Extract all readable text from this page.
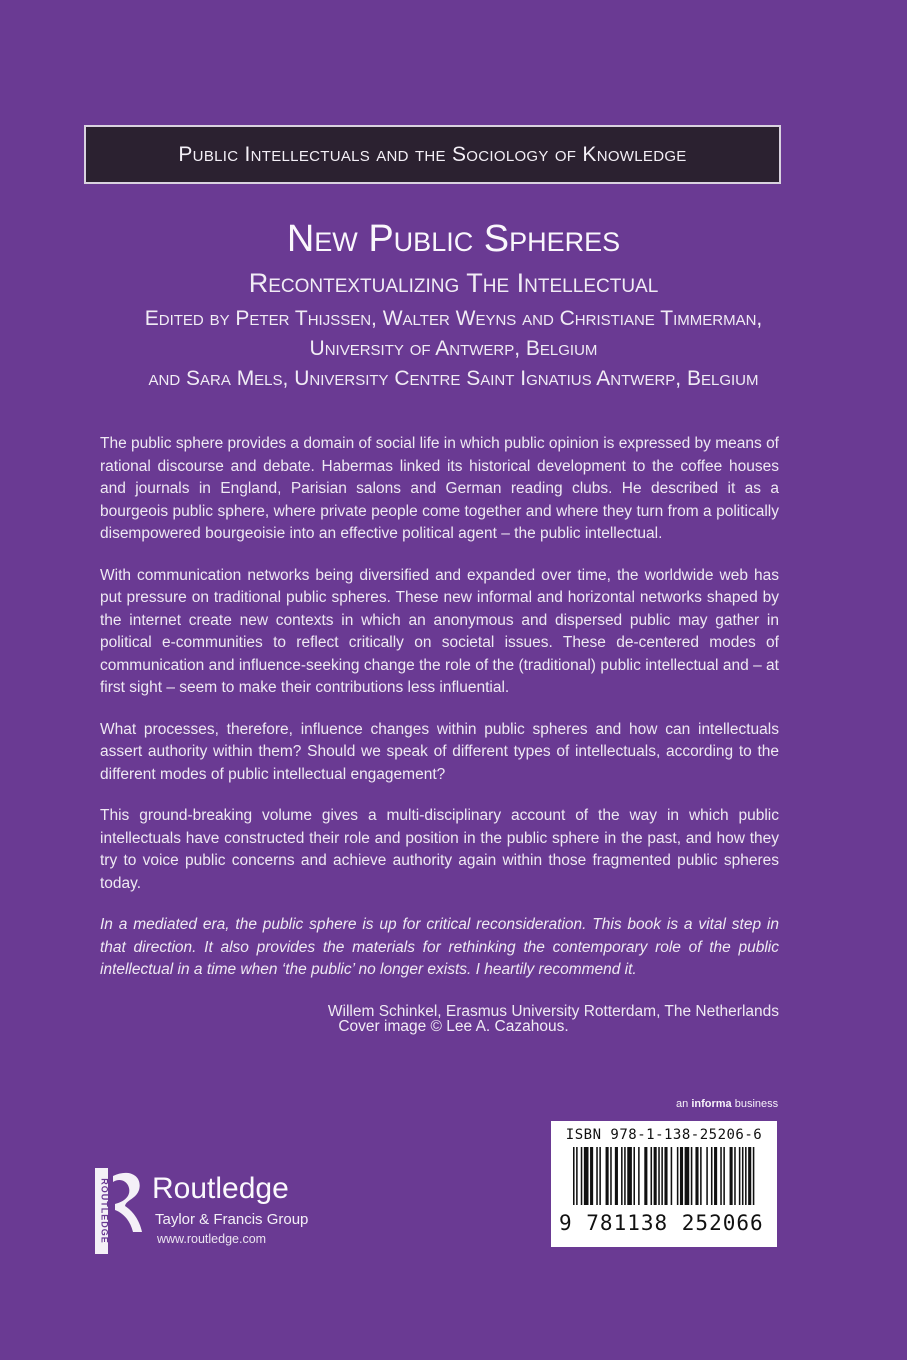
Public Intellectuals and the Sociology of Knowledge
New Public Spheres
Recontextualizing The Intellectual
Edited by Peter Thijssen, Walter Weyns and Christiane Timmerman,
University of Antwerp, Belgium
and Sara Mels, University Centre Saint Ignatius Antwerp, Belgium

The public sphere provides a domain of social life in which public opinion is expressed by means of rational discourse and debate. Habermas linked its historical development to the coffee houses and journals in England, Parisian salons and German reading clubs. He described it as a bourgeois public sphere, where private people come together and where they turn from a politically disempowered bourgeoisie into an effective political agent – the public intellectual.

With communication networks being diversified and expanded over time, the worldwide web has put pressure on traditional public spheres. These new informal and horizontal networks shaped by the internet create new contexts in which an anonymous and dispersed public may gather in political e-communities to reflect critically on societal issues. These de-centered modes of communication and influence-seeking change the role of the (traditional) public intellectual and – at first sight – seem to make their contributions less influential.

What processes, therefore, influence changes within public spheres and how can intellectuals assert authority within them? Should we speak of different types of intellectuals, according to the different modes of public intellectual engagement?

This ground-breaking volume gives a multi-disciplinary account of the way in which public intellectuals have constructed their role and position in the public sphere in the past, and how they try to voice public concerns and achieve authority again within those fragmented public spheres today.

In a mediated era, the public sphere is up for critical reconsideration. This book is a vital step in that direction. It also provides the materials for rethinking the contemporary role of the public intellectual in a time when ‘the public’ no longer exists. I heartily recommend it.

Willem Schinkel, Erasmus University Rotterdam, The Netherlands

Cover image © Lee A. Cazahous.
an informa business
ISBN 978-1-138-25206-6
9 781138 252066
ROUTLEDGE Routledge
Taylor & Francis Group
www.routledge.com
